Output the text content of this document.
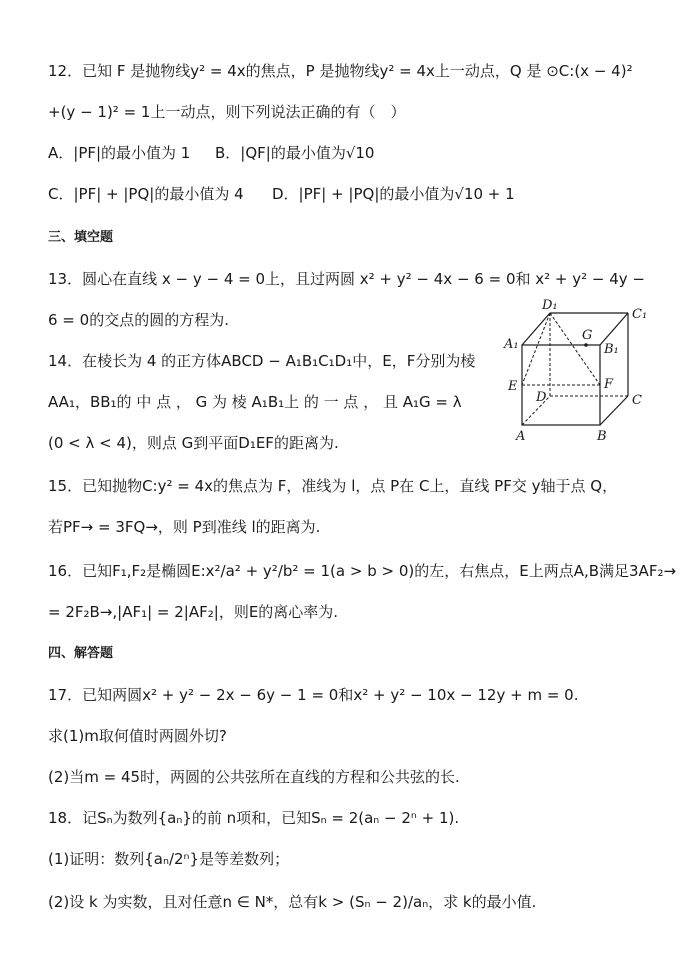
12．已知 F 是抛物线y² = 4x的焦点，P 是抛物线y² = 4x上一动点，Q 是 ⊙C:(x − 4)²
+(y − 1)² = 1上一动点，则下列说法正确的有（　）
A．|PF|的最小值为 1 B．|QF|的最小值为√10
C．|PF| + |PQ|的最小值为 4 D．|PF| + |PQ|的最小值为√10 + 1
三、填空题
13．圆心在直线 x − y − 4 = 0上，且过两圆 x² + y² − 4x − 6 = 0和 x² + y² − 4y −
6 = 0的交点的圆的方程为.
14．在棱长为 4 的正方体ABCD − A₁B₁C₁D₁中，E，F分别为棱
AA₁，BB₁的 中 点 ， G 为 棱 A₁B₁上 的 一 点 ， 且 A₁G = λ
(0 < λ < 4)，则点 G到平面D₁EF的距离为.
D₁
C₁
G
A₁	B₁
E	F
D	C
A	B
15．已知抛物C:y² = 4x的焦点为 F，准线为 l，点 P在 C上，直线 PF交 y轴于点 Q，
若PF→ = 3FQ→，则 P到准线 l的距离为.
16．已知F₁,F₂是椭圆E:x²/a² + y²/b² = 1(a > b > 0)的左，右焦点，E上两点A,B满足3AF₂→
= 2F₂B→,|AF₁| = 2|AF₂|，则E的离心率为.
四、解答题
17．已知两圆x² + y² − 2x − 6y − 1 = 0和x² + y² − 10x − 12y + m = 0.
求(1)m取何值时两圆外切?
(2)当m = 45时，两圆的公共弦所在直线的方程和公共弦的长.
18．记Sₙ为数列{aₙ}的前 n项和，已知Sₙ = 2(aₙ − 2ⁿ + 1).
(1)证明：数列{aₙ/2ⁿ}是等差数列；
(2)设 k 为实数，且对任意n ∈ N*，总有k > (Sₙ − 2)/aₙ，求 k的最小值.
